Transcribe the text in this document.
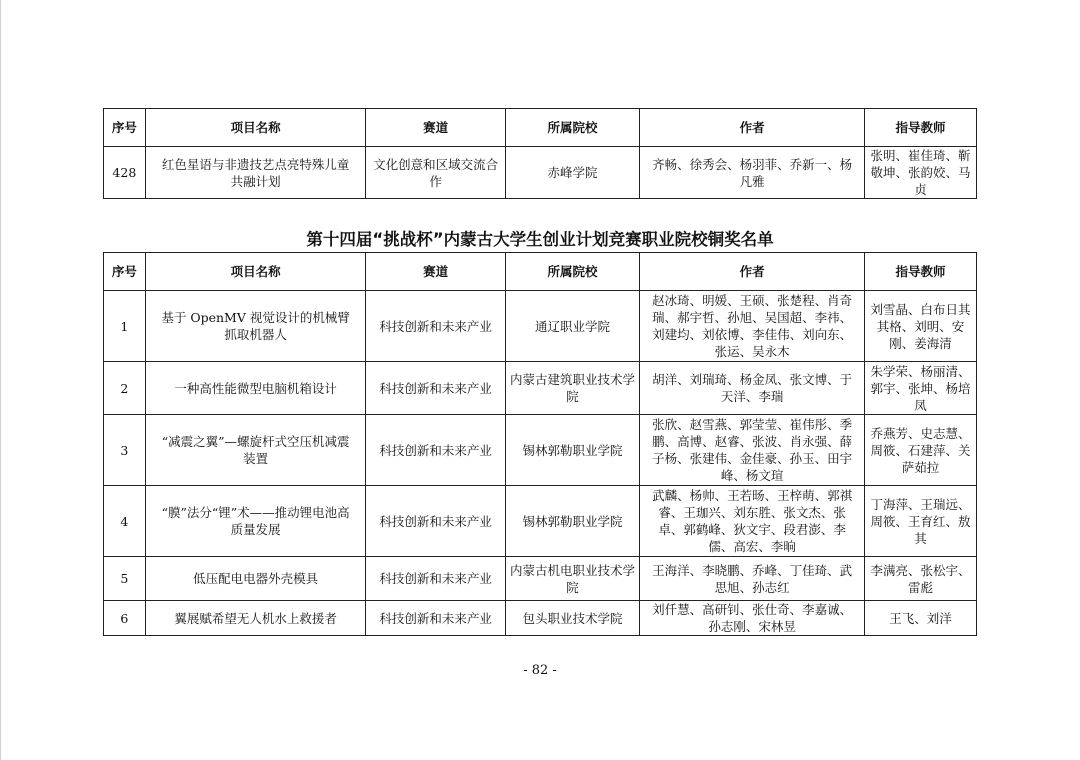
序号	项目名称	赛道	所属院校	作者	指导教师
428	红色星语与非遗技艺点亮特殊儿童共融计划	文化创意和区域交流合作	赤峰学院	齐畅、徐秀会、杨羽菲、乔新一、杨凡雅	张明、崔佳琦、靳敬坤、张韵姣、马贞
第十四届“挑战杯”内蒙古大学生创业计划竞赛职业院校铜奖名单
序号	项目名称	赛道	所属院校	作者	指导教师
1	基于 OpenMV 视觉设计的机械臂抓取机器人	科技创新和未来产业	通辽职业学院	赵冰琦、明媛、王硕、张楚程、肖奇瑞、郝宇哲、孙旭、吴国超、李祎、刘建均、刘依博、李佳伟、刘向东、张运、吴永木	刘雪晶、白布日其其格、刘明、安刚、姜海清
2	一种高性能微型电脑机箱设计	科技创新和未来产业	内蒙古建筑职业技术学院	胡洋、刘瑞琦、杨金凤、张文博、于天洋、李瑞	朱学荣、杨丽清、郭宇、张坤、杨培凤
3	“减震之翼”—螺旋杆式空压机减震装置	科技创新和未来产业	锡林郭勒职业学院	张欣、赵雪燕、郭莹莹、崔伟彤、季鹏、高博、赵睿、张波、肖永强、薛子杨、张建伟、金佳豪、孙玉、田宇峰、杨文瑄	乔燕芳、史志慧、周筱、石建萍、关萨茹拉
4	“膜”法分“锂”术——推动锂电池高质量发展	科技创新和未来产业	锡林郭勒职业学院	武麟、杨帅、王若旸、王梓萌、郭祺睿、王珈兴、刘东胜、张文杰、张卓、郭鹤峰、狄文宇、段君澎、李儒、高宏、李晌	丁海萍、王瑞远、周筱、王育红、敖其
5	低压配电电器外壳模具	科技创新和未来产业	内蒙古机电职业技术学院	王海洋、李晓鹏、乔峰、丁佳琦、武思旭、孙志红	李满亮、张松宇、雷彪
6	翼展赋希望无人机水上救援者	科技创新和未来产业	包头职业技术学院	刘仟慧、高研钊、张仕奇、李嘉诚、孙志刚、宋林昱	王飞、刘洋
- 82 -
